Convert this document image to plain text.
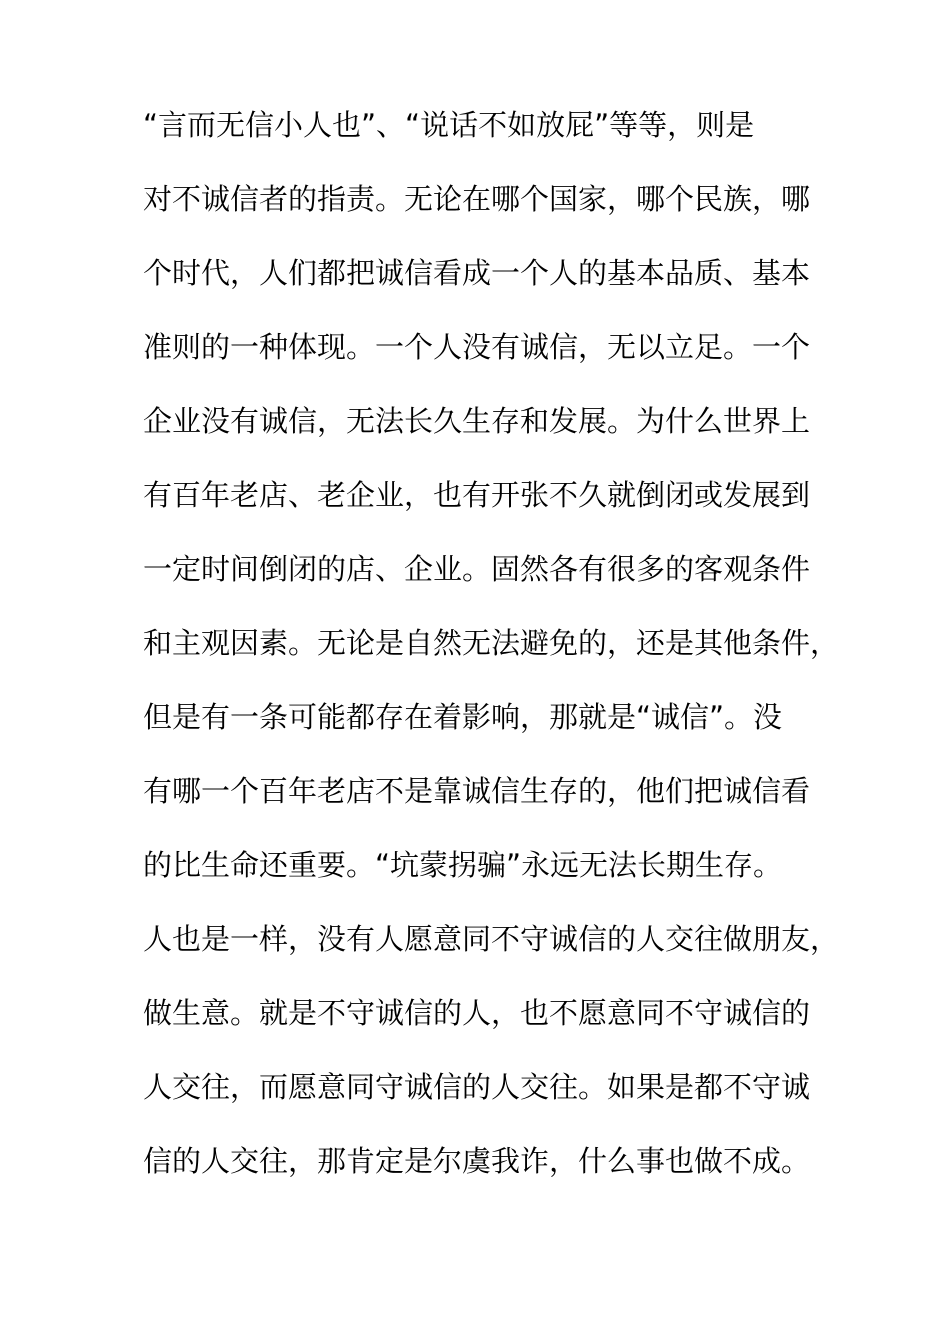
“言而无信小人也”、“说话不如放屁”等等，则是
对不诚信者的指责。无论在哪个国家，哪个民族，哪
个时代，人们都把诚信看成一个人的基本品质、基本
准则的一种体现。一个人没有诚信，无以立足。一个
企业没有诚信，无法长久生存和发展。为什么世界上
有百年老店、老企业，也有开张不久就倒闭或发展到
一定时间倒闭的店、企业。固然各有很多的客观条件
和主观因素。无论是自然无法避免的，还是其他条件，
但是有一条可能都存在着影响，那就是“诚信”。没
有哪一个百年老店不是靠诚信生存的，他们把诚信看
的比生命还重要。“坑蒙拐骗”永远无法长期生存。
人也是一样，没有人愿意同不守诚信的人交往做朋友，
做生意。就是不守诚信的人，也不愿意同不守诚信的
人交往，而愿意同守诚信的人交往。如果是都不守诚
信的人交往，那肯定是尔虞我诈，什么事也做不成。
